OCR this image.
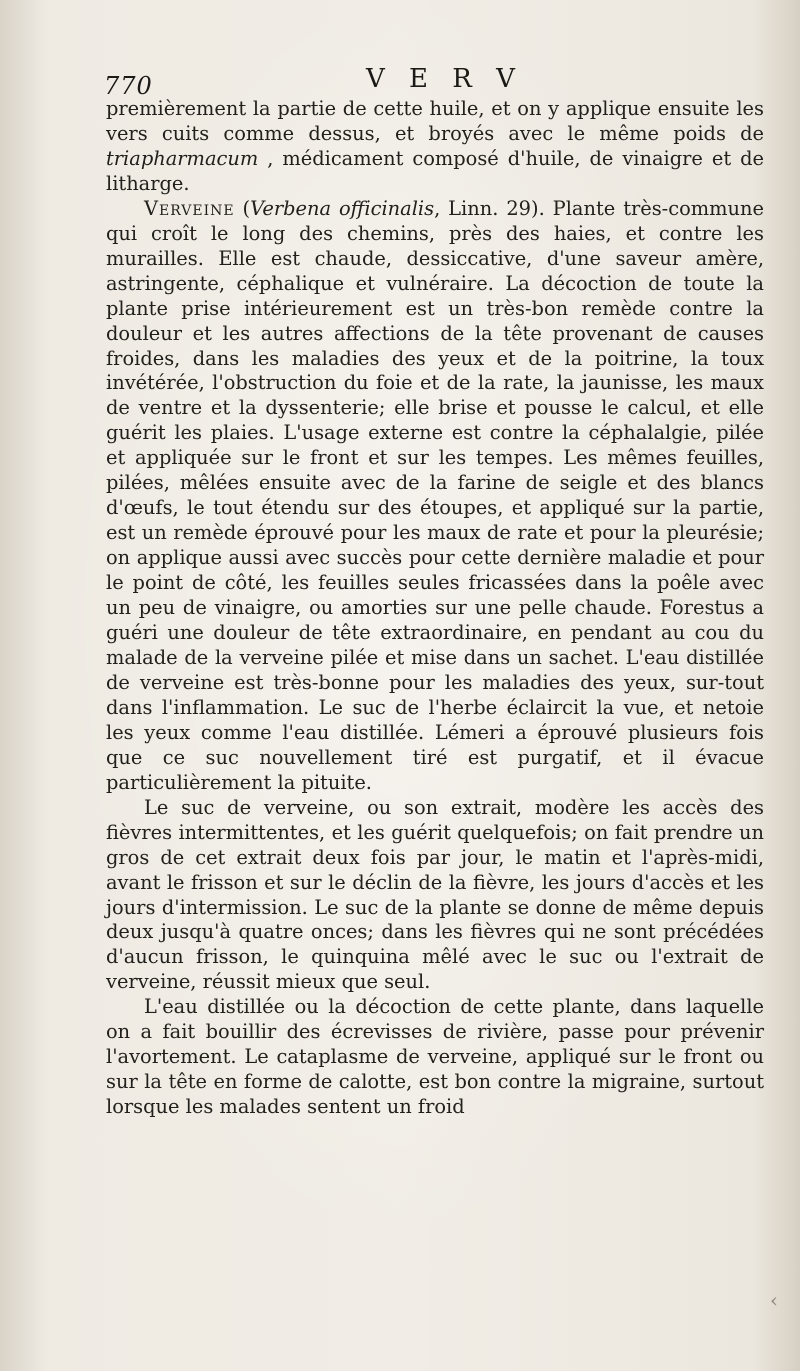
770	V E R V

premièrement la partie de cette huile, et on y applique ensuite les vers cuits comme dessus, et broyés avec le même poids de triapharmacum , médicament composé d'huile, de vinaigre et de litharge.

Verveine (Verbena officinalis, Linn. 29). Plante très-commune qui croît le long des chemins, près des haies, et contre les murailles. Elle est chaude, dessiccative, d'une saveur amère, astringente, céphalique et vulnéraire. La décoction de toute la plante prise intérieurement est un très-bon remède contre la douleur et les autres affections de la tête provenant de causes froides, dans les maladies des yeux et de la poitrine, la toux invétérée, l'obstruction du foie et de la rate, la jaunisse, les maux de ventre et la dyssenterie; elle brise et pousse le calcul, et elle guérit les plaies. L'usage externe est contre la céphalalgie, pilée et appliquée sur le front et sur les tempes. Les mêmes feuilles, pilées, mêlées ensuite avec de la farine de seigle et des blancs d'œufs, le tout étendu sur des étoupes, et appliqué sur la partie, est un remède éprouvé pour les maux de rate et pour la pleurésie; on applique aussi avec succès pour cette dernière maladie et pour le point de côté, les feuilles seules fricassées dans la poêle avec un peu de vinaigre, ou amorties sur une pelle chaude. Forestus a guéri une douleur de tête extraordinaire, en pendant au cou du malade de la verveine pilée et mise dans un sachet. L'eau distillée de verveine est très-bonne pour les maladies des yeux, sur-tout dans l'inflammation. Le suc de l'herbe éclaircit la vue, et netoie les yeux comme l'eau distillée. Lémeri a éprouvé plusieurs fois que ce suc nouvellement tiré est purgatif, et il évacue particulièrement la pituite.

Le suc de verveine, ou son extrait, modère les accès des fièvres intermittentes, et les guérit quelquefois; on fait prendre un gros de cet extrait deux fois par jour, le matin et l'après-midi, avant le frisson et sur le déclin de la fièvre, les jours d'accès et les jours d'intermission. Le suc de la plante se donne de même depuis deux jusqu'à quatre onces; dans les fièvres qui ne sont précédées d'aucun frisson, le quinquina mêlé avec le suc ou l'extrait de verveine, réussit mieux que seul.

L'eau distillée ou la décoction de cette plante, dans laquelle on a fait bouillir des écrevisses de rivière, passe pour prévenir l'avortement. Le cataplasme de verveine, appliqué sur le front ou sur la tête en forme de calotte, est bon contre la migraine, surtout lorsque les malades sentent un froid

‹
